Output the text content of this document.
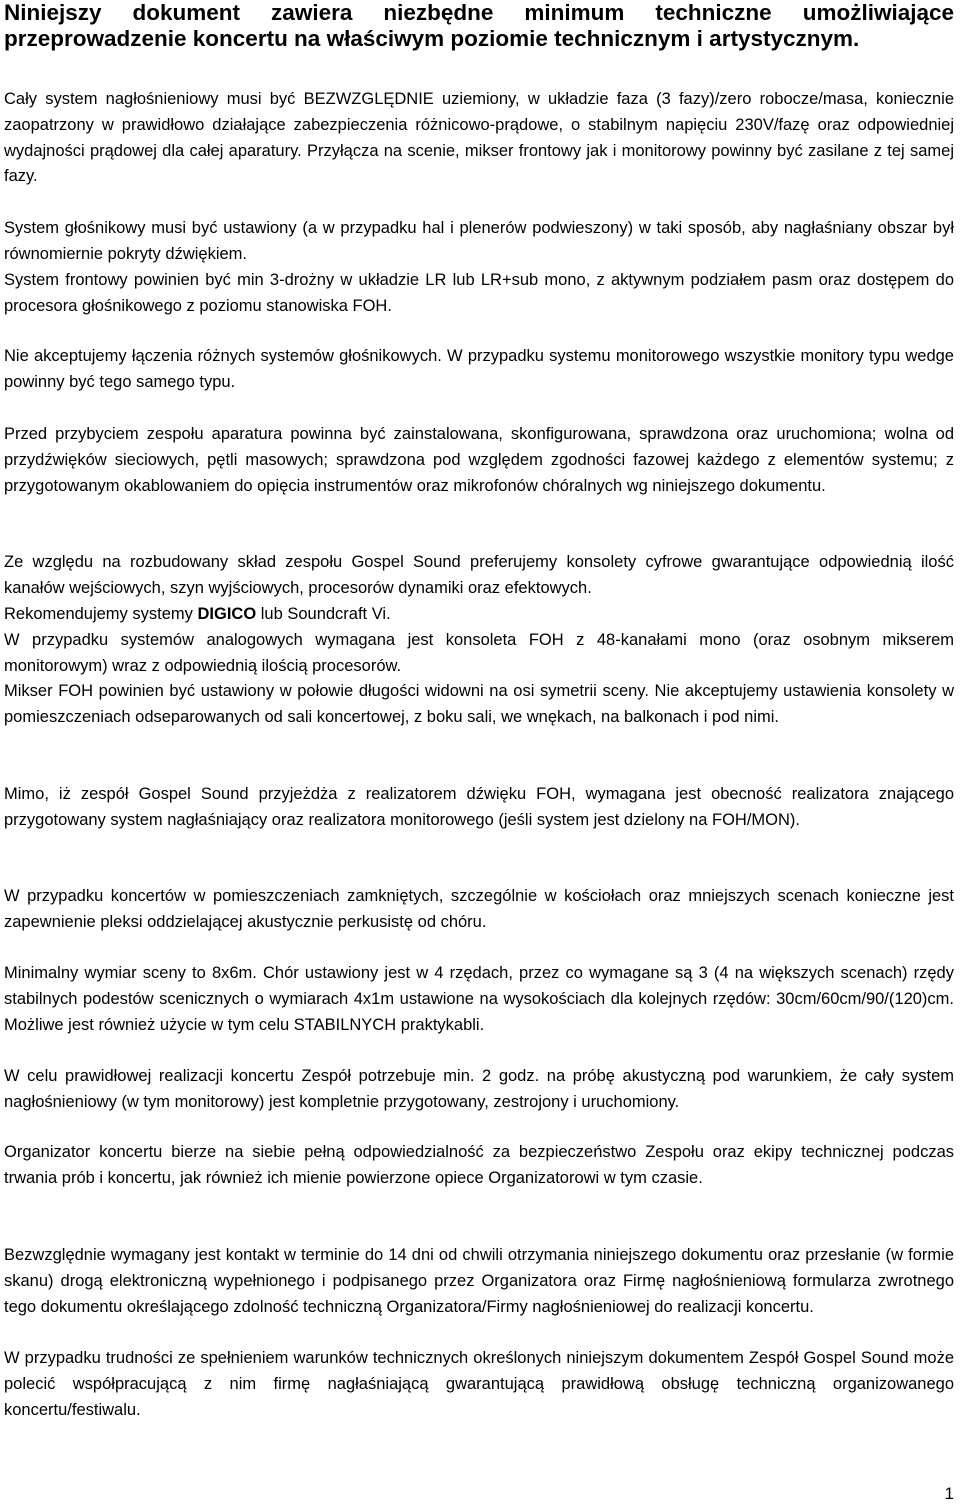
Niniejszy dokument zawiera niezbędne minimum techniczne umożliwiające przeprowadzenie koncertu na właściwym poziomie technicznym i artystycznym.
Cały system nagłośnieniowy musi być BEZWZGLĘDNIE uziemiony, w układzie faza (3 fazy)/zero robocze/masa, koniecznie zaopatrzony w prawidłowo działające zabezpieczenia różnicowo-prądowe, o stabilnym napięciu 230V/fazę oraz odpowiedniej wydajności prądowej dla całej aparatury. Przyłącza na scenie, mikser frontowy jak i monitorowy powinny być zasilane z tej samej fazy.
System głośnikowy musi być ustawiony (a w przypadku hal i plenerów podwieszony) w taki sposób, aby nagłaśniany obszar był równomiernie pokryty dźwiękiem.
System frontowy powinien być min 3-drożny w układzie LR lub LR+sub mono, z aktywnym podziałem pasm oraz dostępem do procesora głośnikowego z poziomu stanowiska FOH.
Nie akceptujemy łączenia różnych systemów głośnikowych. W przypadku systemu monitorowego wszystkie monitory typu wedge powinny być tego samego typu.
Przed przybyciem zespołu aparatura powinna być zainstalowana, skonfigurowana, sprawdzona oraz uruchomiona; wolna od przydźwięków sieciowych, pętli masowych; sprawdzona pod względem zgodności fazowej każdego z elementów systemu; z przygotowanym okablowaniem do opięcia instrumentów oraz mikrofonów chóralnych wg niniejszego dokumentu.
Ze względu na rozbudowany skład zespołu Gospel Sound preferujemy konsolety cyfrowe gwarantujące odpowiednią ilość kanałów wejściowych, szyn wyjściowych, procesorów dynamiki oraz efektowych.
Rekomendujemy systemy DIGICO lub Soundcraft Vi.
W przypadku systemów analogowych wymagana jest konsoleta FOH z 48-kanałami mono (oraz osobnym mikserem monitorowym) wraz z odpowiednią ilością procesorów.
Mikser FOH powinien być ustawiony w połowie długości widowni na osi symetrii sceny. Nie akceptujemy ustawienia konsolety w pomieszczeniach odseparowanych od sali koncertowej, z boku sali, we wnękach, na balkonach i pod nimi.
Mimo, iż zespół Gospel Sound przyjeżdża z realizatorem dźwięku FOH, wymagana jest obecność realizatora znającego przygotowany system nagłaśniający oraz realizatora monitorowego (jeśli system jest dzielony na FOH/MON).
W przypadku koncertów w pomieszczeniach zamkniętych, szczególnie w kościołach oraz mniejszych scenach konieczne jest zapewnienie pleksi oddzielającej akustycznie perkusistę od chóru.
Minimalny wymiar sceny to 8x6m. Chór ustawiony jest w 4 rzędach, przez co wymagane są 3 (4 na większych scenach) rzędy stabilnych podestów scenicznych o wymiarach 4x1m ustawione na wysokościach dla kolejnych rzędów: 30cm/60cm/90/(120)cm. Możliwe jest również użycie w tym celu STABILNYCH praktykabli.
W celu prawidłowej realizacji koncertu Zespół potrzebuje min. 2 godz. na próbę akustyczną pod warunkiem, że cały system nagłośnieniowy (w tym monitorowy) jest kompletnie przygotowany, zestrojony i uruchomiony.
Organizator koncertu bierze na siebie pełną odpowiedzialność za bezpieczeństwo Zespołu oraz ekipy technicznej podczas trwania prób i koncertu, jak również ich mienie powierzone opiece Organizatorowi w tym czasie.
Bezwzględnie wymagany jest kontakt w terminie do 14 dni od chwili otrzymania niniejszego dokumentu oraz przesłanie (w formie skanu) drogą elektroniczną wypełnionego i podpisanego przez Organizatora oraz Firmę nagłośnieniową formularza zwrotnego tego dokumentu określającego zdolność techniczną Organizatora/Firmy nagłośnieniowej do realizacji koncertu.
W przypadku trudności ze spełnieniem warunków technicznych określonych niniejszym dokumentem Zespół Gospel Sound może polecić współpracującą z nim firmę nagłaśniającą gwarantującą prawidłową obsługę techniczną organizowanego koncertu/festiwalu.
1
